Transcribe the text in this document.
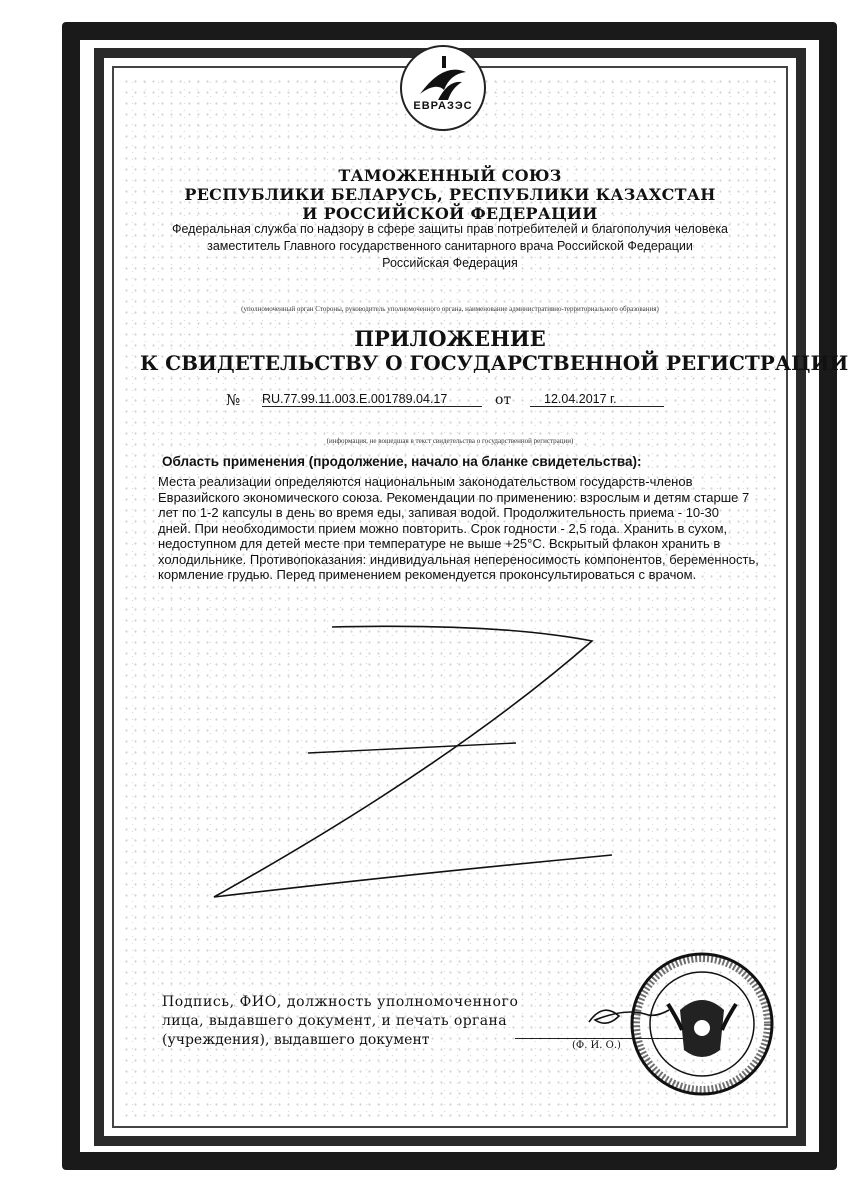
ЕВРАЗЭС
ТАМОЖЕННЫЙ СОЮЗ
РЕСПУБЛИКИ БЕЛАРУСЬ, РЕСПУБЛИКИ КАЗАХСТАН
И РОССИЙСКОЙ ФЕДЕРАЦИИ
Федеральная служба по надзору в сфере защиты прав потребителей и благополучия человека
заместитель Главного государственного санитарного врача Российской Федерации
Российская Федерация
(уполномоченный орган Стороны, руководитель уполномоченного органа, наименование административно-территориального образования)
ПРИЛОЖЕНИЕ
К СВИДЕТЕЛЬСТВУ О ГОСУДАРСТВЕННОЙ РЕГИСТРАЦИИ
№ RU.77.99.11.003.E.001789.04.17	от	12.04.2017 г.
(информация, не вошедшая в текст свидетельства о государственной регистрации)
Область применения (продолжение, начало на бланке свидетельства):
Места реализации определяются национальным законодательством государств-членов
Евразийского экономического союза. Рекомендации по применению: взрослым и детям старше 7
лет по 1-2 капсулы в день во время еды, запивая водой. Продолжительность приема - 10-30
дней. При необходимости прием можно повторить. Срок годности - 2,5 года. Хранить в сухом,
недоступном для детей месте при температуре не выше +25°С. Вскрытый флакон хранить в
холодильнике. Противопоказания: индивидуальная непереносимость компонентов, беременность,
кормление грудью. Перед применением рекомендуется проконсультироваться с врачом.
Подпись, ФИО, должность уполномоченного
лица, выдавшего документ, и печать органа
(учреждения), выдавшего документ	(Ф. И. О.)
